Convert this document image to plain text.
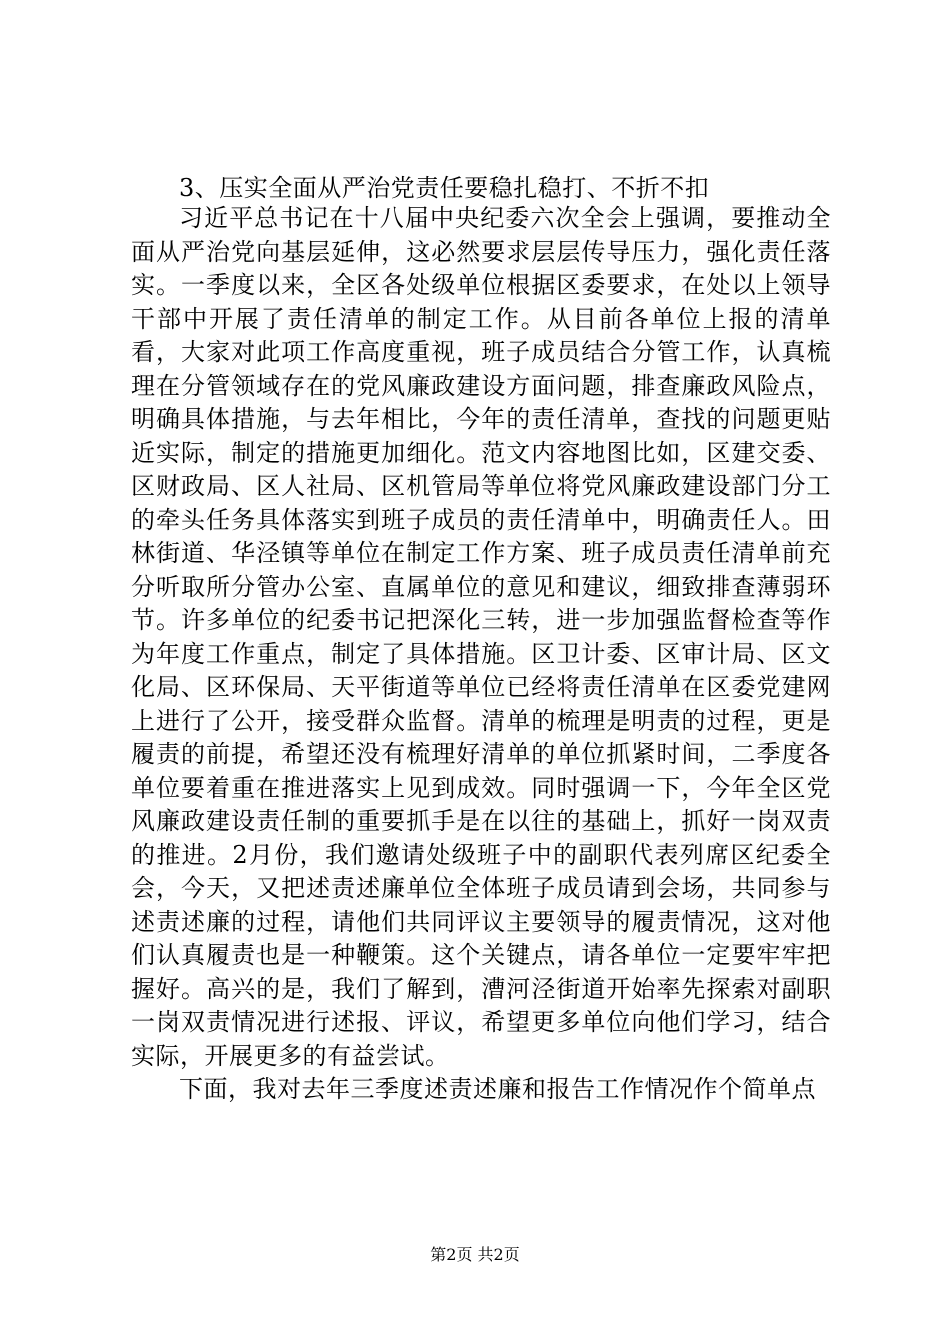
3、压实全面从严治党责任要稳扎稳打、不折不扣

习近平总书记在十八届中央纪委六次全会上强调，要推动全面从严治党向基层延伸，这必然要求层层传导压力，强化责任落实。一季度以来，全区各处级单位根据区委要求，在处以上领导干部中开展了责任清单的制定工作。从目前各单位上报的清单看，大家对此项工作高度重视，班子成员结合分管工作，认真梳理在分管领域存在的党风廉政建设方面问题，排查廉政风险点，明确具体措施，与去年相比，今年的责任清单，查找的问题更贴近实际，制定的措施更加细化。范文内容地图比如，区建交委、区财政局、区人社局、区机管局等单位将党风廉政建设部门分工的牵头任务具体落实到班子成员的责任清单中，明确责任人。田林街道、华泾镇等单位在制定工作方案、班子成员责任清单前充分听取所分管办公室、直属单位的意见和建议，细致排查薄弱环节。许多单位的纪委书记把深化三转，进一步加强监督检查等作为年度工作重点，制定了具体措施。区卫计委、区审计局、区文化局、区环保局、天平街道等单位已经将责任清单在区委党建网上进行了公开，接受群众监督。清单的梳理是明责的过程，更是履责的前提，希望还没有梳理好清单的单位抓紧时间，二季度各单位要着重在推进落实上见到成效。同时强调一下，今年全区党风廉政建设责任制的重要抓手是在以往的基础上，抓好一岗双责的推进。2月份，我们邀请处级班子中的副职代表列席区纪委全会，今天，又把述责述廉单位全体班子成员请到会场，共同参与述责述廉的过程，请他们共同评议主要领导的履责情况，这对他们认真履责也是一种鞭策。这个关键点，请各单位一定要牢牢把握好。高兴的是，我们了解到，漕河泾街道开始率先探索对副职一岗双责情况进行述报、评议，希望更多单位向他们学习，结合实际，开展更多的有益尝试。

下面，我对去年三季度述责述廉和报告工作情况作个简单点

第2页 共2页
